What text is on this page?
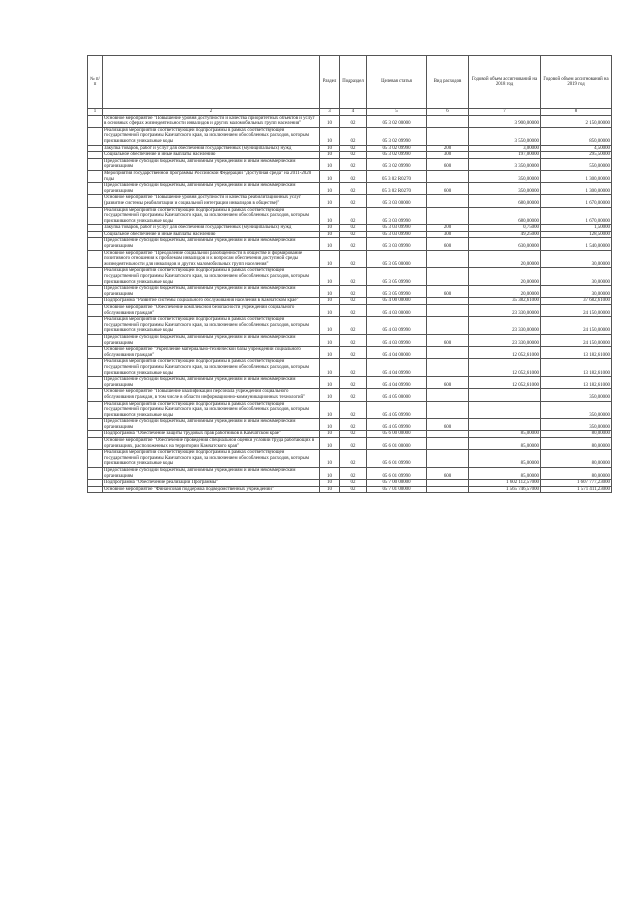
№ п/п		Раздел	Подраздел	Целевая статья	Вид расходов	Годовой объем ассигнований на 2018 год	Годовой объем ассигнований на 2019 год
1	2	3	4	5	6	7	8
	Основное мероприятие "Повышение уровня доступности и качества приоритетных объектов и услуг в основных сферах жизнедеятельности инвалидов и других маломобильных групп населения"	10	02	05 3 02 00000		3 900,00000	2 150,00000
	Реализация мероприятий соответствующей подпрограммы в рамках соответствующей государственной программы Камчатского края, за исключением обособленных расходов, которым присваиваются уникальные коды	10	02	05 3 02 09990		3 550,00000	850,00000
	Закупка товаров, работ и услуг для обеспечения государственных (муниципальных) нужд	10	02	05 3 02 09990	200	3,00000	4,50000
	Социальное обеспечение и иные выплаты населению	10	02	05 3 02 09990	300	197,00000	295,50000
	Предоставление субсидий бюджетным, автономным учреждениям и иным некоммерческим организациям	10	02	05 3 02 09990	600	3 350,00000	550,00000
	Мероприятия государственной программы Российской Федерации "Доступная среда" на 2011-2020 годы	10	02	05 3 02 R0270		350,00000	1 300,00000
	Предоставление субсидий бюджетным, автономным учреждениям и иным некоммерческим организациям	10	02	05 3 02 R0270	600	350,00000	1 300,00000
	Основное мероприятие "Повышение уровня доступности и качества реабилитационных услуг (развитие системы реабилитации и социальной интеграции инвалидов в обществе)"	10	02	05 3 03 00000		680,00000	1 670,00000
	Реализация мероприятий соответствующей подпрограммы в рамках соответствующей государственной программы Камчатского края, за исключением обособленных расходов, которым присваиваются уникальные коды	10	02	05 3 03 09990		680,00000	1 670,00000
	Закупка товаров, работ и услуг для обеспечения государственных (муниципальных) нужд	10	02	05 3 03 09990	200	0,75000	1,50000
	Социальное обеспечение и иные выплаты населению	10	02	05 3 03 09990	300	49,25000	128,50000
	Предоставление субсидий бюджетным, автономным учреждениям и иным некоммерческим организациям	10	02	05 3 03 09990	600	630,00000	1 540,00000
	Основное мероприятие "Преодоление социальной разобщенности в обществе и формирование позитивного отношения к проблемам инвалидов и к вопросам обеспечения доступной среды жизнедеятельности для инвалидов и других маломобильных групп населения"	10	02	05 3 05 00000		20,00000	30,00000
	Реализация мероприятий соответствующей подпрограммы в рамках соответствующей государственной программы Камчатского края, за исключением обособленных расходов, которым присваиваются уникальные коды	10	02	05 3 05 09990		20,00000	30,00000
	Предоставление субсидий бюджетным, автономным учреждениям и иным некоммерческим организациям	10	02	05 3 05 09990	600	20,00000	30,00000
	Подпрограмма "Развитие системы социального обслуживания населения в Камчатском крае"	10	02	05 4 00 00000		35 382,61000	37 682,61000
	Основное мероприятие "Обеспечение комплексной безопасности учреждений социального обслуживания граждан"	10	02	05 4 03 00000		23 330,00000	24 150,00000
	Реализация мероприятий соответствующей подпрограммы в рамках соответствующей государственной программы Камчатского края, за исключением обособленных расходов, которым присваиваются уникальные коды	10	02	05 4 03 09990		23 330,00000	24 150,00000
	Предоставление субсидий бюджетным, автономным учреждениям и иным некоммерческим организациям	10	02	05 4 03 09990	600	23 330,00000	24 150,00000
	Основное мероприятие "Укрепление материально-технической базы учреждений социального обслуживания граждан"	10	02	05 4 04 00000		12 052,61000	13 182,61000
	Реализация мероприятий соответствующей подпрограммы в рамках соответствующей государственной программы Камчатского края, за исключением обособленных расходов, которым присваиваются уникальные коды	10	02	05 4 04 09990		12 052,61000	13 182,61000
	Предоставление субсидий бюджетным, автономным учреждениям и иным некоммерческим организациям	10	02	05 4 04 09990	600	12 052,61000	13 182,61000
	Основное мероприятие "Повышение квалификации персонала учреждений социального обслуживания граждан, в том числе в области информационно-коммуникационных технологий"	10	02	05 4 05 00000			350,00000
	Реализация мероприятий соответствующей подпрограммы в рамках соответствующей государственной программы Камчатского края, за исключением обособленных расходов, которым присваиваются уникальные коды	10	02	05 4 05 09990			350,00000
	Предоставление субсидий бюджетным, автономным учреждениям и иным некоммерческим организациям	10	02	05 4 05 09990	600		350,00000
	Подпрограмма "Обеспечение защиты трудовых прав работников в Камчатском крае"	10	02	05 6 00 00000		85,00000	80,00000
	Основное мероприятие "Обеспечение проведения специальной оценки условий труда работающих в организациях, расположенных на территории Камчатского края"	10	02	05 6 01 00000		85,00000	80,00000
	Реализация мероприятий соответствующей подпрограммы в рамках соответствующей государственной программы Камчатского края, за исключением обособленных расходов, которым присваиваются уникальные коды	10	02	05 6 01 09990		85,00000	80,00000
	Предоставление субсидий бюджетным, автономным учреждениям и иным некоммерческим организациям	10	02	05 6 01 09990	600	85,00000	80,00000
	Подпрограмма "Обеспечение реализации Программы"	10	02	05 7 00 00000		1 602 112,57000	1 607 777,23000
	Основное мероприятие "Финансовая поддержка подведомственных учреждений"	10	02	05 7 01 00000		1 565 746,57000	1 571 411,23000
